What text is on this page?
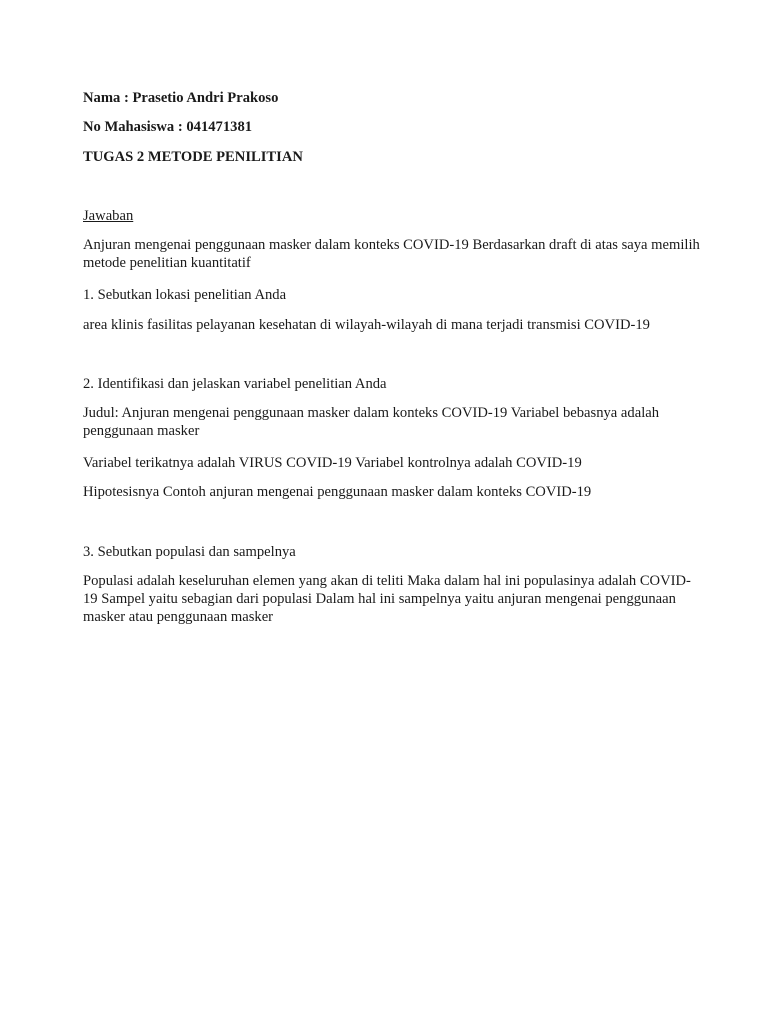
Nama : Prasetio Andri Prakoso

No Mahasiswa : 041471381

TUGAS 2 METODE PENILITIAN

Jawaban

Anjuran mengenai penggunaan masker dalam konteks COVID-19 Berdasarkan draft di atas saya memilih metode penelitian kuantitatif

1. Sebutkan lokasi penelitian Anda

area klinis fasilitas pelayanan kesehatan di wilayah-wilayah di mana terjadi transmisi COVID-19

2. Identifikasi dan jelaskan variabel penelitian Anda

Judul: Anjuran mengenai penggunaan masker dalam konteks COVID-19 Variabel bebasnya adalah penggunaan masker

Variabel terikatnya adalah VIRUS COVID-19 Variabel kontrolnya adalah COVID-19

Hipotesisnya Contoh anjuran mengenai penggunaan masker dalam konteks COVID-19

3. Sebutkan populasi dan sampelnya

Populasi adalah keseluruhan elemen yang akan di teliti Maka dalam hal ini populasinya adalah COVID-19 Sampel yaitu sebagian dari populasi Dalam hal ini sampelnya yaitu anjuran mengenai penggunaan masker atau penggunaan masker
